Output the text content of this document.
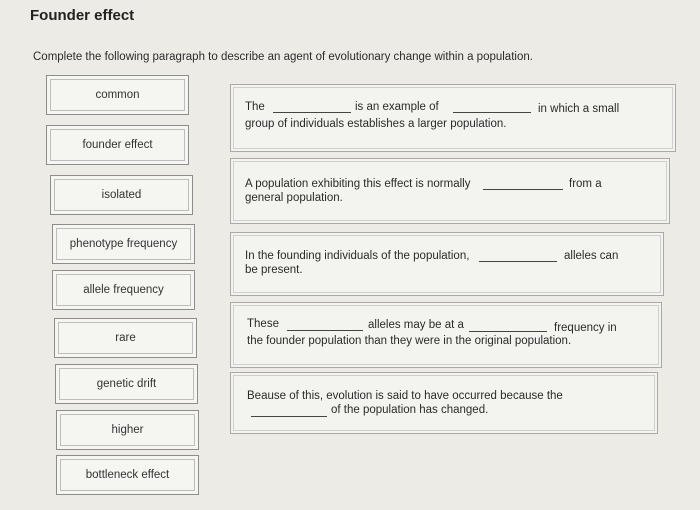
Founder effect
Complete the following paragraph to describe an agent of evolutionary change within a population.
common
founder effect
isolated
phenotype frequency
allele frequency
rare
genetic drift
higher
bottleneck effect
The	is an example of	in which a small
group of individuals establishes a larger population.
A population exhibiting this effect is normally	from a
general population.
In the founding individuals of the population,	alleles can
be present.
These	alleles may be at a	frequency in
the founder population than they were in the original population.
Beause of this, evolution is said to have occurred because the
of the population has changed.
